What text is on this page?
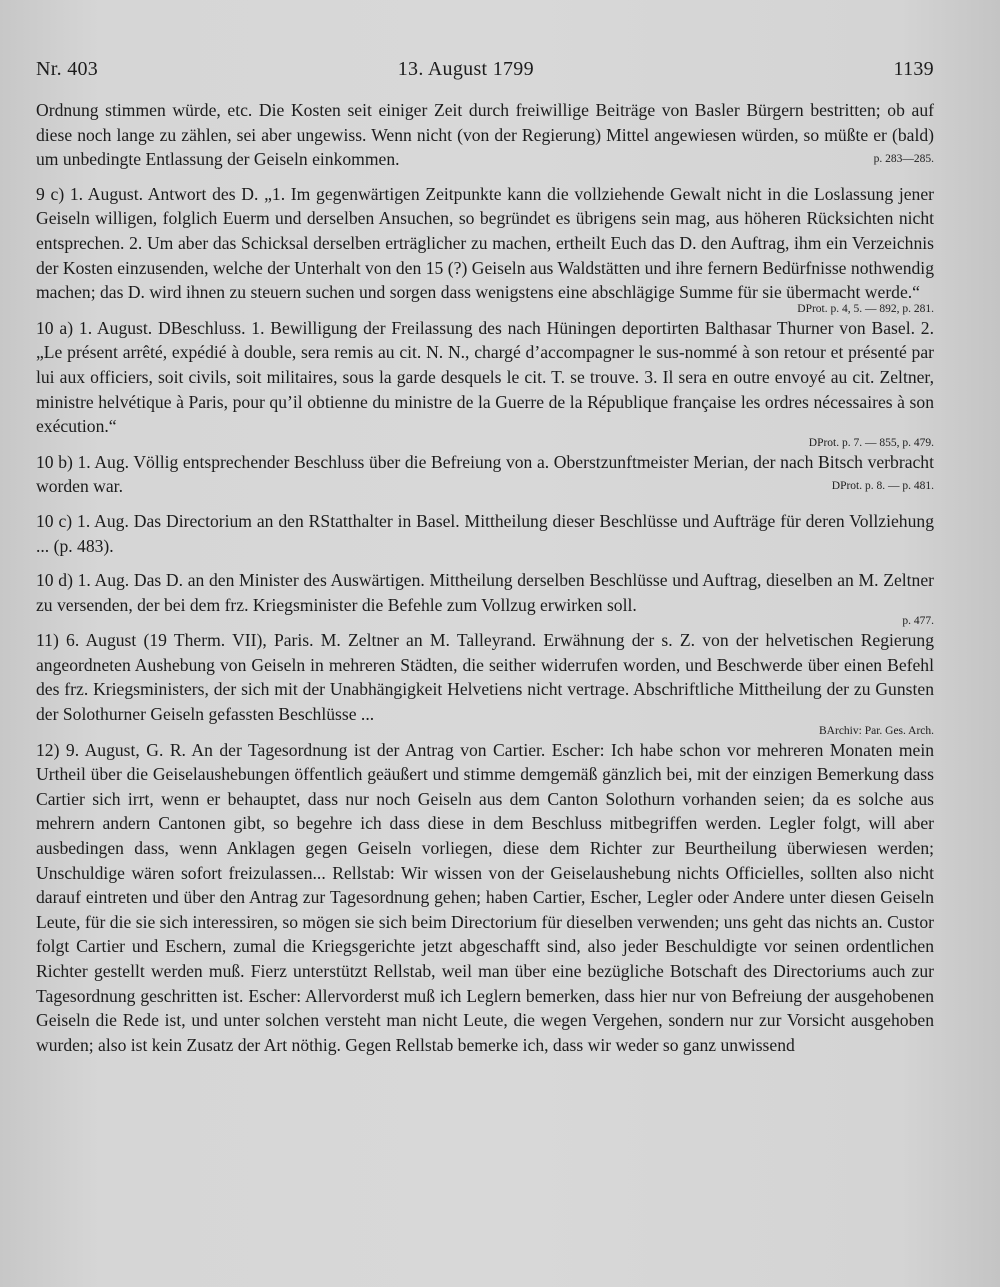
Nr. 403	13. August 1799	1139

Ordnung stimmen würde, etc. Die Kosten seit einiger Zeit durch freiwillige Beiträge von Basler Bürgern bestritten; ob auf diese noch lange zu zählen, sei aber ungewiss. Wenn nicht (von der Regierung) Mittel angewiesen würden, so müßte er (bald) um unbedingte Entlassung der Geiseln einkommen.	p. 283—285.

9 c) 1. August. Antwort des D. „1. Im gegenwärtigen Zeitpunkte kann die vollziehende Gewalt nicht in die Loslassung jener Geiseln willigen, folglich Euerm und derselben Ansuchen, so begründet es übrigens sein mag, aus höheren Rücksichten nicht entsprechen. 2. Um aber das Schicksal derselben erträglicher zu machen, ertheilt Euch das D. den Auftrag, ihm ein Verzeichnis der Kosten einzusenden, welche der Unterhalt von den 15 (?) Geiseln aus Waldstätten und ihre fernern Bedürfnisse nothwendig machen; das D. wird ihnen zu steuern suchen und sorgen dass wenigstens eine abschlägige Summe für sie übermacht werde.“

DProt. p. 4, 5. — 892, p. 281.

10 a) 1. August. DBeschluss. 1. Bewilligung der Freilassung des nach Hüningen deportirten Balthasar Thurner von Basel. 2. „Le présent arrêté, expédié à double, sera remis au cit. N. N., chargé d’accompagner le sus-nommé à son retour et présenté par lui aux officiers, soit civils, soit militaires, sous la garde desquels le cit. T. se trouve. 3. Il sera en outre envoyé au cit. Zeltner, ministre helvétique à Paris, pour qu’il obtienne du ministre de la Guerre de la République française les ordres nécessaires à son exécution.“

DProt. p. 7. — 855, p. 479.

10 b) 1. Aug. Völlig entsprechender Beschluss über die Befreiung von a. Oberstzunftmeister Merian, der nach Bitsch verbracht worden war.	DProt. p. 8. — p. 481.

10 c) 1. Aug. Das Directorium an den RStatthalter in Basel. Mittheilung dieser Beschlüsse und Aufträge für deren Vollziehung ... (p. 483).

10 d) 1. Aug. Das D. an den Minister des Auswärtigen. Mittheilung derselben Beschlüsse und Auftrag, dieselben an M. Zeltner zu versenden, der bei dem frz. Kriegsminister die Befehle zum Vollzug erwirken soll.

p. 477.

11) 6. August (19 Therm. VII), Paris. M. Zeltner an M. Talleyrand. Erwähnung der s. Z. von der helvetischen Regierung angeordneten Aushebung von Geiseln in mehreren Städten, die seither widerrufen worden, und Beschwerde über einen Befehl des frz. Kriegsministers, der sich mit der Unabhängigkeit Helvetiens nicht vertrage. Abschriftliche Mittheilung der zu Gunsten der Solothurner Geiseln gefassten Beschlüsse ...

BArchiv: Par. Ges. Arch.

12) 9. August, G. R. An der Tagesordnung ist der Antrag von Cartier. Escher: Ich habe schon vor mehreren Monaten mein Urtheil über die Geiselaushebungen öffentlich geäußert und stimme demgemäß gänzlich bei, mit der einzigen Bemerkung dass Cartier sich irrt, wenn er behauptet, dass nur noch Geiseln aus dem Canton Solothurn vorhanden seien; da es solche aus mehrern andern Cantonen gibt, so begehre ich dass diese in dem Beschluss mitbegriffen werden. Legler folgt, will aber ausbedingen dass, wenn Anklagen gegen Geiseln vorliegen, diese dem Richter zur Beurtheilung überwiesen werden; Unschuldige wären sofort freizulassen... Rellstab: Wir wissen von der Geiselaushebung nichts Officielles, sollten also nicht darauf eintreten und über den Antrag zur Tagesordnung gehen; haben Cartier, Escher, Legler oder Andere unter diesen Geiseln Leute, für die sie sich interessiren, so mögen sie sich beim Directorium für dieselben verwenden; uns geht das nichts an. Custor folgt Cartier und Eschern, zumal die Kriegsgerichte jetzt abgeschafft sind, also jeder Beschuldigte vor seinen ordentlichen Richter gestellt werden muß. Fierz unterstützt Rellstab, weil man über eine bezügliche Botschaft des Directoriums auch zur Tagesordnung geschritten ist. Escher: Allervorderst muß ich Leglern bemerken, dass hier nur von Befreiung der ausgehobenen Geiseln die Rede ist, und unter solchen versteht man nicht Leute, die wegen Vergehen, sondern nur zur Vorsicht ausgehoben wurden; also ist kein Zusatz der Art nöthig. Gegen Rellstab bemerke ich, dass wir weder so ganz unwissend
